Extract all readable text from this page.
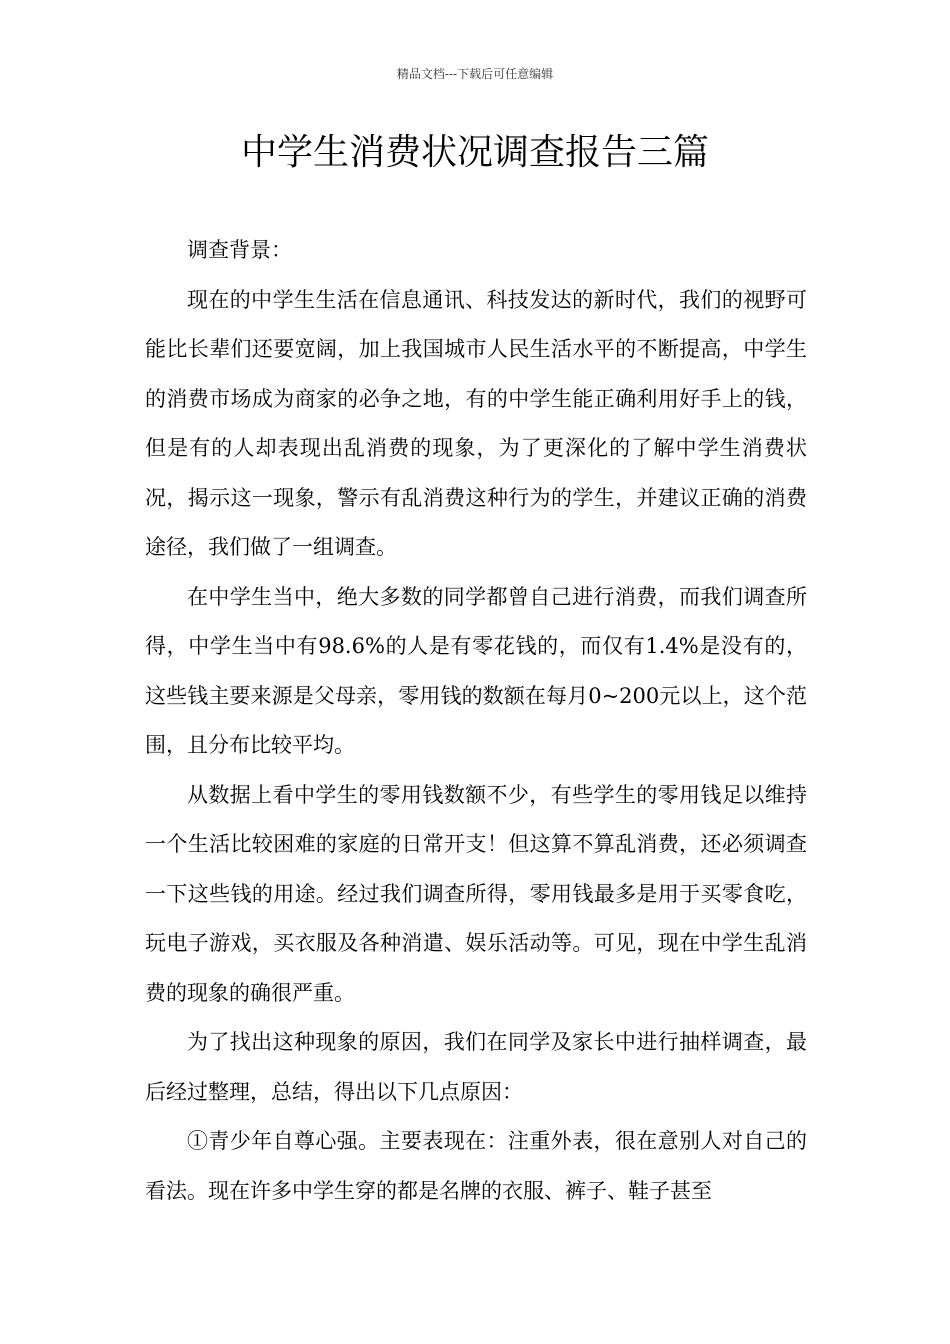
精品文档---下载后可任意编辑
中学生消费状况调查报告三篇

调查背景：

现在的中学生生活在信息通讯、科技发达的新时代，我们的视野可能比长辈们还要宽阔，加上我国城市人民生活水平的不断提高，中学生的消费市场成为商家的必争之地，有的中学生能正确利用好手上的钱，但是有的人却表现出乱消费的现象，为了更深化的了解中学生消费状况，揭示这一现象，警示有乱消费这种行为的学生，并建议正确的消费途径，我们做了一组调查。

在中学生当中，绝大多数的同学都曾自己进行消费，而我们调查所得，中学生当中有98.6%的人是有零花钱的，而仅有1.4%是没有的，这些钱主要来源是父母亲，零用钱的数额在每月0~200元以上，这个范围，且分布比较平均。

从数据上看中学生的零用钱数额不少，有些学生的零用钱足以维持一个生活比较困难的家庭的日常开支！但这算不算乱消费，还必须调查一下这些钱的用途。经过我们调查所得，零用钱最多是用于买零食吃，玩电子游戏，买衣服及各种消遣、娱乐活动等。可见，现在中学生乱消费的现象的确很严重。

为了找出这种现象的原因，我们在同学及家长中进行抽样调查，最后经过整理，总结，得出以下几点原因：

①青少年自尊心强。主要表现在：注重外表，很在意别人对自己的看法。现在许多中学生穿的都是名牌的衣服、裤子、鞋子甚至
